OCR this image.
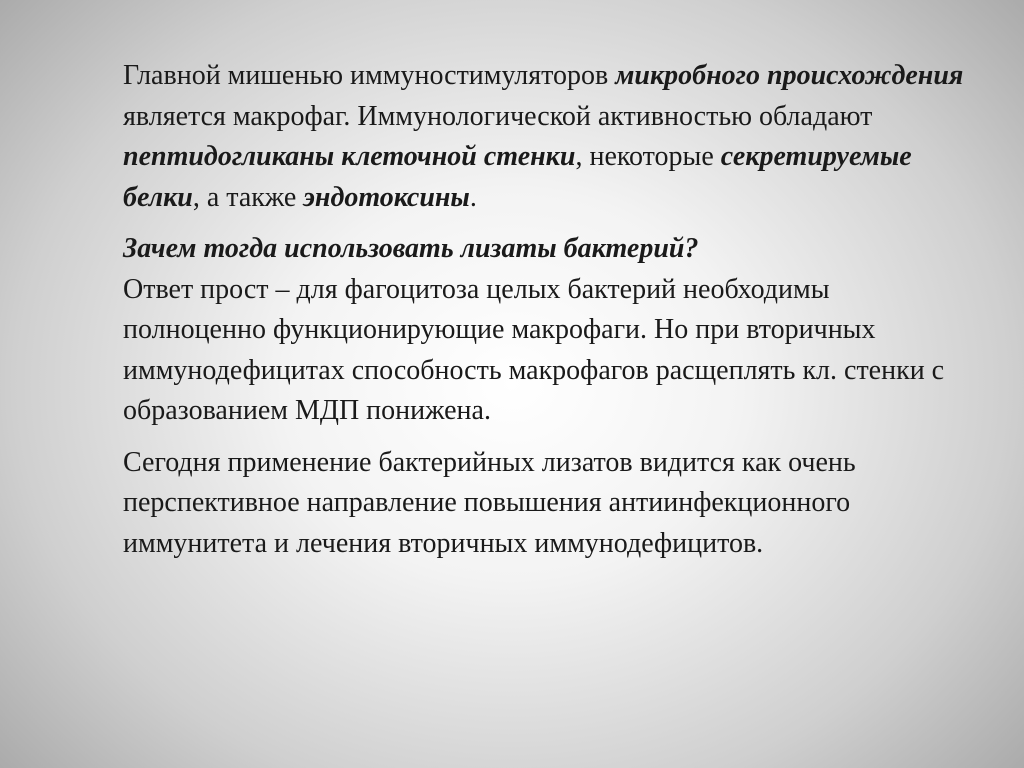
Главной мишенью иммуностимуляторов микробного происхождения является макрофаг. Иммунологической активностью обладают пептидогликаны клеточной стенки, некоторые секретируемые белки, а также эндотоксины.

Зачем тогда использовать лизаты бактерий?
Ответ прост – для фагоцитоза целых бактерий необходимы полноценно функционирующие макрофаги. Но при вторичных иммунодефицитах способность макрофагов расщеплять кл. стенки с образованием МДП понижена.

Сегодня применение бактерийных лизатов видится как очень перспективное направление повышения антиинфекционного иммунитета и лечения вторичных иммунодефицитов.
